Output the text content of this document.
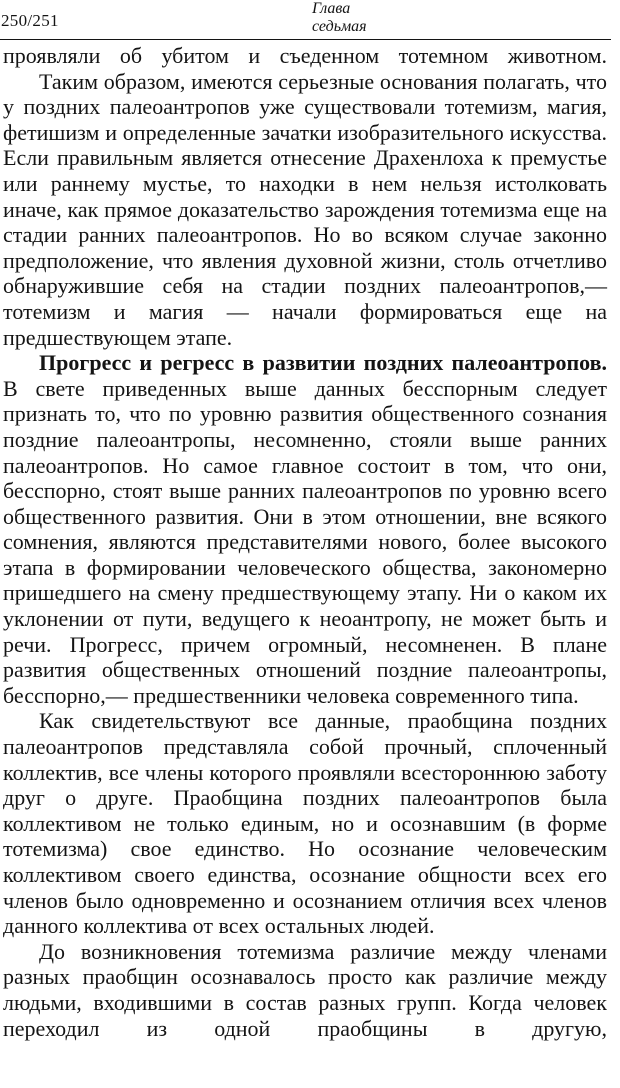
250/251
Глава
седьмая

проявляли об убитом и съеденном тотемном животном.

Таким образом, имеются серьезные основания полагать, что у поздних палеоантропов уже существовали тотемизм, магия, фетишизм и определенные зачатки изобразительного искусства. Если правильным является отнесение Драхенлоха к премустье или раннему мустье, то находки в нем нельзя истолковать иначе, как прямое доказательство зарождения тотемизма еще на стадии ранних палеоантропов. Но во всяком случае законно предположение, что явления духовной жизни, столь отчетливо обнаружившие себя на стадии поздних палеоантропов,— тотемизм и магия — начали формироваться еще на предшествующем этапе.

Прогресс и регресс в развитии поздних палеоантропов. В свете приведенных выше данных бесспорным следует признать то, что по уровню развития общественного сознания поздние палеоантропы, несомненно, стояли выше ранних палеоантропов. Но самое главное состоит в том, что они, бесспорно, стоят выше ранних палеоантропов по уровню всего общественного развития. Они в этом отношении, вне всякого сомнения, являются представителями нового, более высокого этапа в формировании человеческого общества, закономерно пришедшего на смену предшествующему этапу. Ни о каком их уклонении от пути, ведущего к неоантропу, не может быть и речи. Прогресс, причем огромный, несомненен. В плане развития общественных отношений поздние палеоантропы, бесспорно,— предшественники человека современного типа.

Как свидетельствуют все данные, праобщина поздних палеоантропов представляла собой прочный, сплоченный коллектив, все члены которого проявляли всестороннюю заботу друг о друге. Праобщина поздних палеоантропов была коллективом не только единым, но и осознавшим (в форме тотемизма) свое единство. Но осознание человеческим коллективом своего единства, осознание общности всех его членов было одновременно и осознанием отличия всех членов данного коллектива от всех остальных людей.

До возникновения тотемизма различие между членами разных праобщин осознавалось просто как различие между людьми, входившими в состав разных групп. Когда человек переходил из одной праобщины в другую,
